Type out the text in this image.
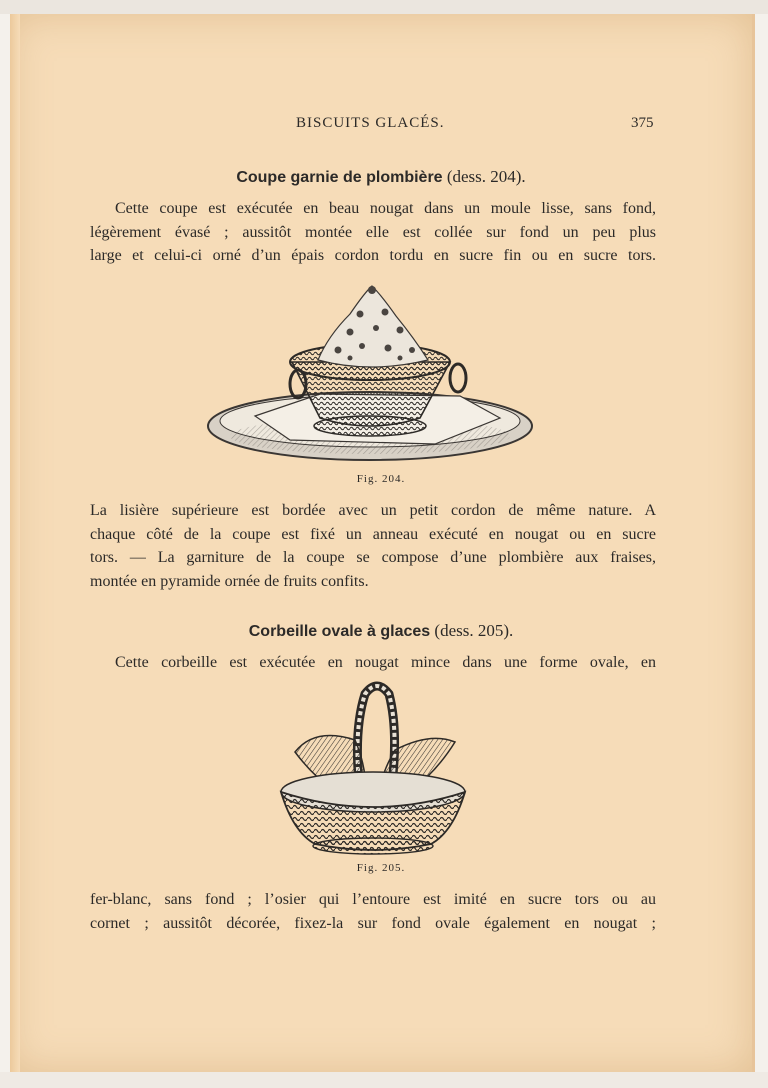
BISCUITS GLACÉS.	375
Coupe garnie de plombière (dess. 204).
Cette coupe est exécutée en beau nougat dans un moule lisse, sans fond,
légèrement évasé ; aussitôt montée elle est collée sur fond un peu plus
large et celui-ci orné d’un épais cordon tordu en sucre fin ou en sucre tors.
Fig. 204.
La lisière supérieure est bordée avec un petit cordon de même nature. A
chaque côté de la coupe est fixé un anneau exécuté en nougat ou en sucre
tors. — La garniture de la coupe se compose d’une plombière aux fraises,
montée en pyramide ornée de fruits confits.
Corbeille ovale à glaces (dess. 205).
Cette corbeille est exécutée en nougat mince dans une forme ovale, en
Fig. 205.
fer-blanc, sans fond ; l’osier qui l’entoure est imité en sucre tors ou au
cornet ; aussitôt décorée, fixez-la sur fond ovale également en nougat ;
